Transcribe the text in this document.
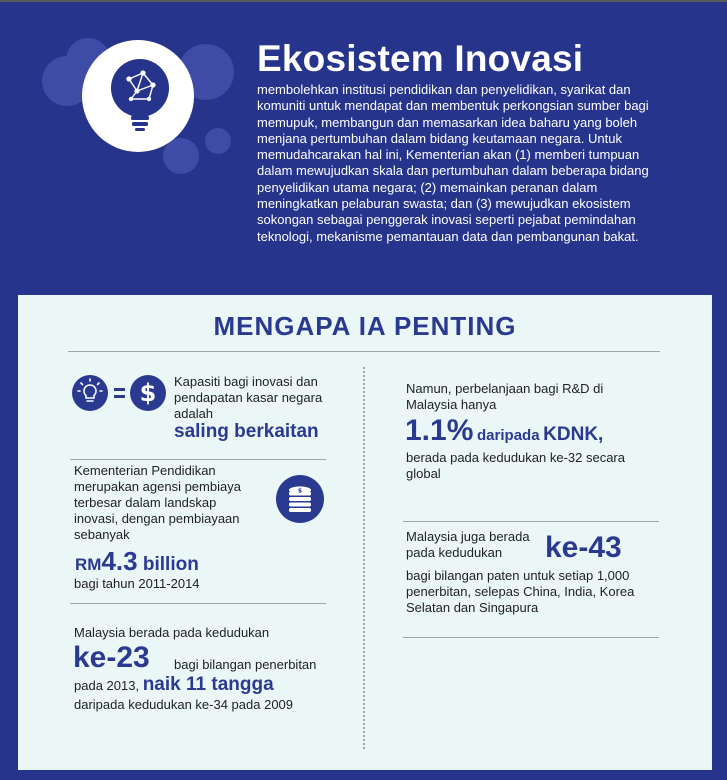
Ekosistem Inovasi

membolehkan institusi pendidikan dan penyelidikan, syarikat dan komuniti untuk mendapat dan membentuk perkongsian sumber bagi memupuk, membangun dan memasarkan idea baharu yang boleh menjana pertumbuhan dalam bidang keutamaan negara. Untuk memudahcarakan hal ini, Kementerian akan (1) memberi tumpuan dalam mewujudkan skala dan pertumbuhan dalam beberapa bidang penyelidikan utama negara; (2) memainkan peranan dalam meningkatkan pelaburan swasta; dan (3) mewujudkan ekosistem sokongan sebagai penggerak inovasi seperti pejabat pemindahan teknologi, mekanisme pemantauan data dan pembangunan bakat.

MENGAPA IA PENTING
$ Kapasiti bagi inovasi dan pendapatan kasar negara adalah

saling berkaitan

Kementerian Pendidikan merupakan agensi pembiaya terbesar dalam landskap inovasi, dengan pembiayaan sebanyak

$

RM4.3 billion

bagi tahun 2011-2014

Malaysia berada pada kedudukan

ke-23 bagi bilangan penerbitan

pada 2013, naik 11 tangga

daripada kedudukan ke-34 pada 2009

Namun, perbelanjaan bagi R&D di Malaysia hanya

1.1% daripada KDNK,

berada pada kedudukan ke-32 secara global

Malaysia juga berada pada kedudukan	ke-43

bagi bilangan paten untuk setiap 1,000 penerbitan, selepas China, India, Korea Selatan dan Singapura
